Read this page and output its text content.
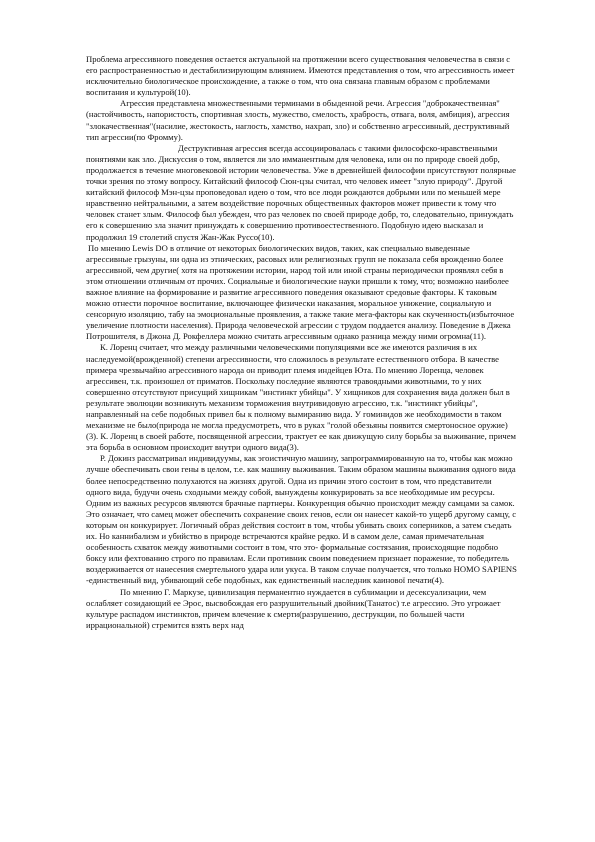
Проблема агрессивного поведения остается актуальной на протяжении всего существования человечества в связи с его распространенностью и дестабилизирующим влиянием. Имеются представления о том, что агрессивность имеет исключительно биологическое происхождение, а также о том, что она связана главным образом с проблемами воспитания и культурой(10).

Агрессия представлена множественными терминами в обыденной речи. Агрессия "доброкачественная"(настойчивость, напористость, спортивная злость, мужество, смелость, храбрость, отвага, воля, амбиция), агрессия "злокачественная"(насилие, жестокость, наглость, хамство, нахрап, зло) и собственно агрессивный, деструктивный тип агрессии(по Фромму).

Деструктивная агрессия всегда ассоциировалась с такими философско-нравственными понятиями как зло. Дискуссия о том, является ли зло имманентным для человека, или он по природе своей добр, продолжается в течение многовековой истории человечества. Уже в древнейшей философии присутствуют полярные точки зрения по этому вопросу. Китайский философ Сюн-цзы считал, что человек имеет "злую природу". Другой китайский философ Мэн-цзы проповедовал идею о том, что все люди рождаются добрыми или по меньшей мере нравственно нейтральными, а затем воздействие порочных общественных факторов может привести к тому что человек станет злым. Философ был убежден, что раз человек по своей природе добр, то, следовательно, принуждать его к совершению зла значит принуждать к совершению противоестественного. Подобную идею высказал и продолжил 19 столетий спустя Жан-Жак Руссо(10).

По мнению Lewis DO в отличие от некоторых биологических видов, таких, как специально выведенные агрессивные грызуны, ни одна из этнических, расовых или религиозных групп не показала себя врожденно более агрессивной, чем другие( хотя на протяжении истории, народ той или иной страны периодически проявлял себя в этом отношении отличным от прочих. Социальные и биологические науки пришли к тому, что; возможно наиболее важное влияние на формирование и развитие агрессивного поведения оказывают средовые факторы. К таковым можно отнести порочное воспитание, включающее физически наказания, моральное унижение, социальную и сенсорную изоляцию, табу на эмоциональные проявления, а также такие мега-факторы как скученность(избыточное увеличение плотности населения). Природа человеческой агрессии с трудом поддается анализу. Поведение в Джека Потрошителя, в Джона Д. Рокфеллера можно считать агрессивным однако разница между ними огромна(11).

К. Лоренц считает, что между различными человеческими популяциями все же имеются различия в их наследуемой(врожденной) степени агрессивности, что сложилось в результате естественного отбора. В качестве примера чрезвычайно агрессивного народа он приводит племя индейцев Юта. По мнению Лоренца, человек агрессивен, т.к. произошел от приматов. Поскольку последние являются травоядными животными, то у них совершенно отсутствуют присущий хищникам "инстинкт убийцы". У хищников для сохранения вида должен был в результате эволюции возникнуть механизм торможения внутривидовую агрессию, т.к. "инстинкт убийцы", направленный на себе подобных привел бы к полному вымиранию вида. У гоминидов же необходимости в таком механизме не было(природа не могла предусмотреть, что в руках "голой обезьяны появится смертоносное оружие)(3). К. Лоренц в своей работе, посвященной агрессии, трактует ее как движущую силу борьбы за выживание, причем эта борьба в основном происходит внутри одного вида(3).

Р. Докинз рассматривал индивидуумы, как эгоистичную машину, запрограммированную на то, чтобы как можно лучше обеспечивать свои гены в целом, т.е. как машину выживания. Таким образом машины выживания одного вида более непосредственно полухаются на жизнях другой. Одна из причин этого состоит в том, что представители одного вида, будучи очень сходными между собой, вынуждены конкурировать за все необходимые им ресурсы. Одним из важных ресурсов являются брачные партнеры. Конкуренция обычно происходит между самцами за самок. Это означает, что самец может обеспечить сохранение своих генов, если он нанесет какой-то ущерб другому самцу, с которым он конкурирует. Логичный образ действия состоит в том, чтобы убивать своих соперников, а затем съедать их. Но каннибализм и убийство в природе встречаются крайне редко. И в самом деле, самая примечательная особенность схваток между животными состоит в том, что это- формальные состязания, происходящие подобно боксу или фехтованию строго по правилам. Если противник своим поведением признает поражение, то победитель воздерживается от нанесения смертельного удара или укуса. В таком случае получается, что только HOMO SAPIENS -единственный вид, убивающий себе подобных, как единственный наследник каинової печати(4).

По мнению Г. Маркузе, цивилизация перманентно нуждается в сублимации и десексуализации, чем ослабляет созидающий ее Эрос, высвобождая его разрушительный двойник(Танатос) т.е агрессию. Это угрожает культуре распадом инстинктов, причем влечение к смерти(разрушению, деструкции, по большей части иррациональной) стремится взять верх над
